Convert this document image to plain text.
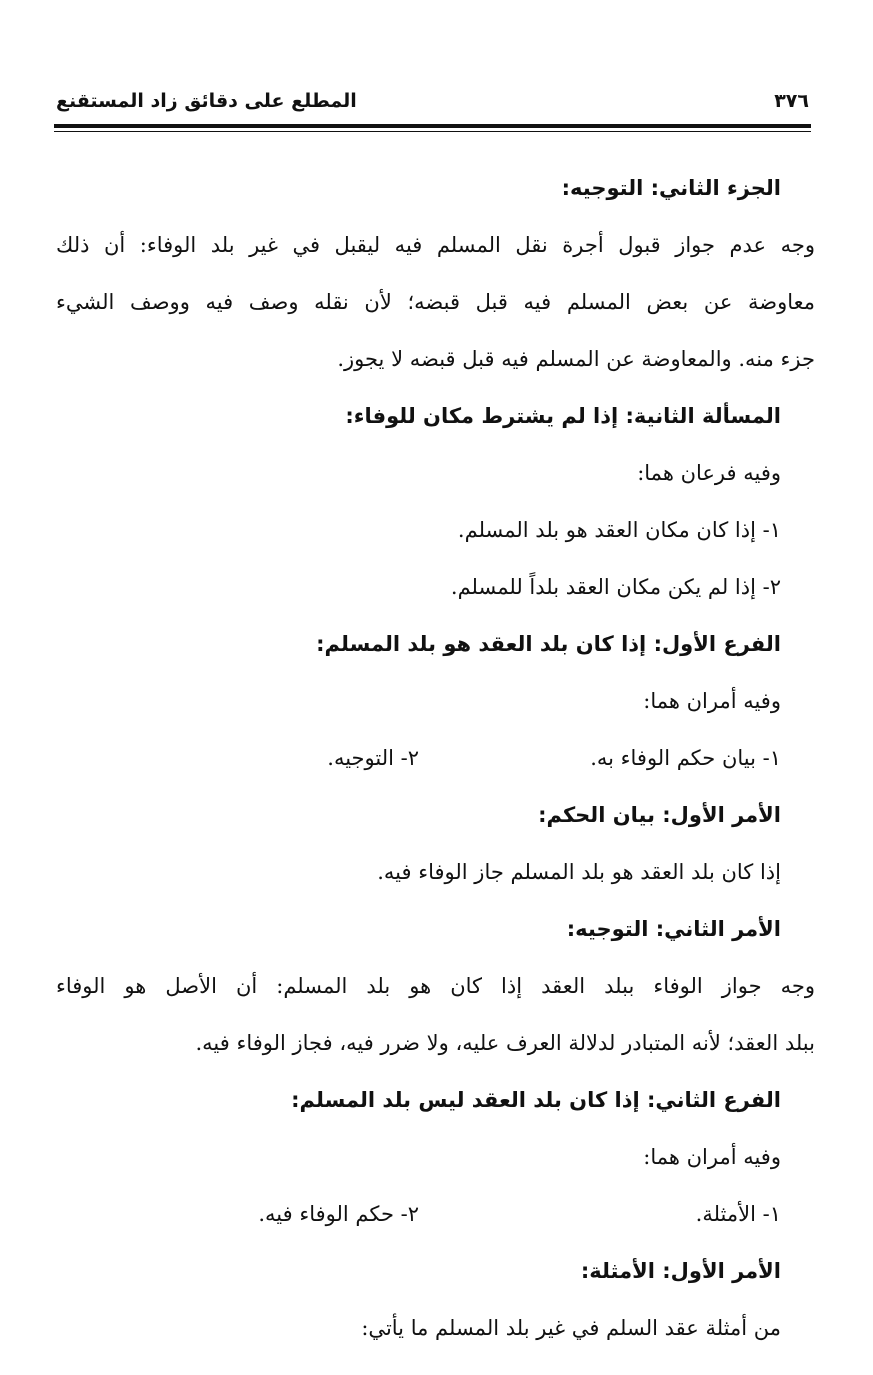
٣٧٦
المطلع على دقائق زاد المستقنع
الجزء الثاني: التوجيه:
وجه عدم جواز قبول أجرة نقل المسلم فيه ليقبل في غير بلد الوفاء: أن ذلك
معاوضة عن بعض المسلم فيه قبل قبضه؛ لأن نقله وصف فيه ووصف الشيء
جزء منه. والمعاوضة عن المسلم فيه قبل قبضه لا يجوز.
المسألة الثانية: إذا لم يشترط مكان للوفاء:
وفيه فرعان هما:
١- إذا كان مكان العقد هو بلد المسلم.
٢- إذا لم يكن مكان العقد بلداً للمسلم.
الفرع الأول: إذا كان بلد العقد هو بلد المسلم:
وفيه أمران هما:
١- بيان حكم الوفاء به.
٢- التوجيه.
الأمر الأول: بيان الحكم:
إذا كان بلد العقد هو بلد المسلم جاز الوفاء فيه.
الأمر الثاني: التوجيه:
وجه جواز الوفاء ببلد العقد إذا كان هو بلد المسلم: أن الأصل هو الوفاء
ببلد العقد؛ لأنه المتبادر لدلالة العرف عليه، ولا ضرر فيه، فجاز الوفاء فيه.
الفرع الثاني: إذا كان بلد العقد ليس بلد المسلم:
وفيه أمران هما:
١- الأمثلة.
٢- حكم الوفاء فيه.
الأمر الأول: الأمثلة:
من أمثلة عقد السلم في غير بلد المسلم ما يأتي:
